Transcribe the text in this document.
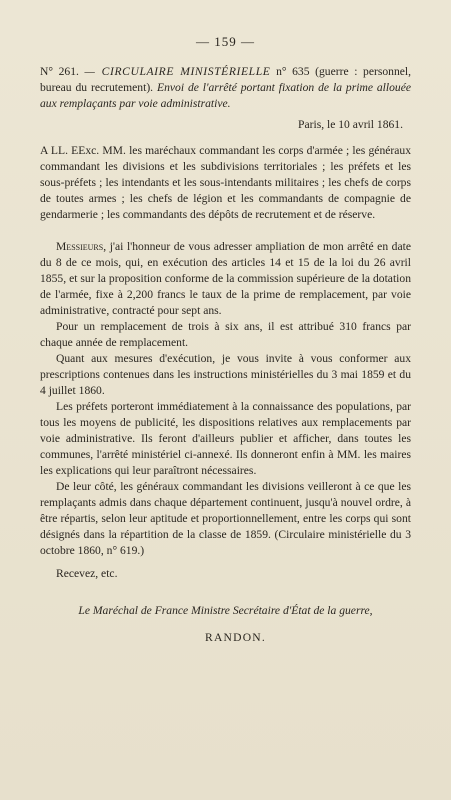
— 159 —
N° 261. — CIRCULAIRE MINISTÉRIELLE n° 635 (guerre : personnel, bureau du recrutement). Envoi de l'arrêté portant fixation de la prime allouée aux remplaçants par voie administrative.
Paris, le 10 avril 1861.
A LL. EExc. MM. les maréchaux commandant les corps d'armée ; les généraux commandant les divisions et les subdivisions territoriales ; les préfets et les sous-préfets ; les intendants et les sous-intendants militaires ; les chefs de corps de toutes armes ; les chefs de légion et les commandants de compagnie de gendarmerie ; les commandants des dépôts de recrutement et de réserve.

Messieurs, j'ai l'honneur de vous adresser ampliation de mon arrêté en date du 8 de ce mois, qui, en exécution des articles 14 et 15 de la loi du 26 avril 1855, et sur la proposition conforme de la commission supérieure de la dotation de l'armée, fixe à 2,200 francs le taux de la prime de remplacement, par voie administrative, contracté pour sept ans.

Pour un remplacement de trois à six ans, il est attribué 310 francs par chaque année de remplacement.

Quant aux mesures d'exécution, je vous invite à vous conformer aux prescriptions contenues dans les instructions ministérielles du 3 mai 1859 et du 4 juillet 1860.

Les préfets porteront immédiatement à la connaissance des populations, par tous les moyens de publicité, les dispositions relatives aux remplacements par voie administrative. Ils feront d'ailleurs publier et afficher, dans toutes les communes, l'arrêté ministériel ci-annexé. Ils donneront enfin à MM. les maires les explications qui leur paraîtront nécessaires.

De leur côté, les généraux commandant les divisions veilleront à ce que les remplaçants admis dans chaque département continuent, jusqu'à nouvel ordre, à être répartis, selon leur aptitude et proportionnellement, entre les corps qui sont désignés dans la répartition de la classe de 1859. (Circulaire ministérielle du 3 octobre 1860, n° 619.)

Recevez, etc.
Le Maréchal de France Ministre Secrétaire d'État de la guerre,
RANDON.
